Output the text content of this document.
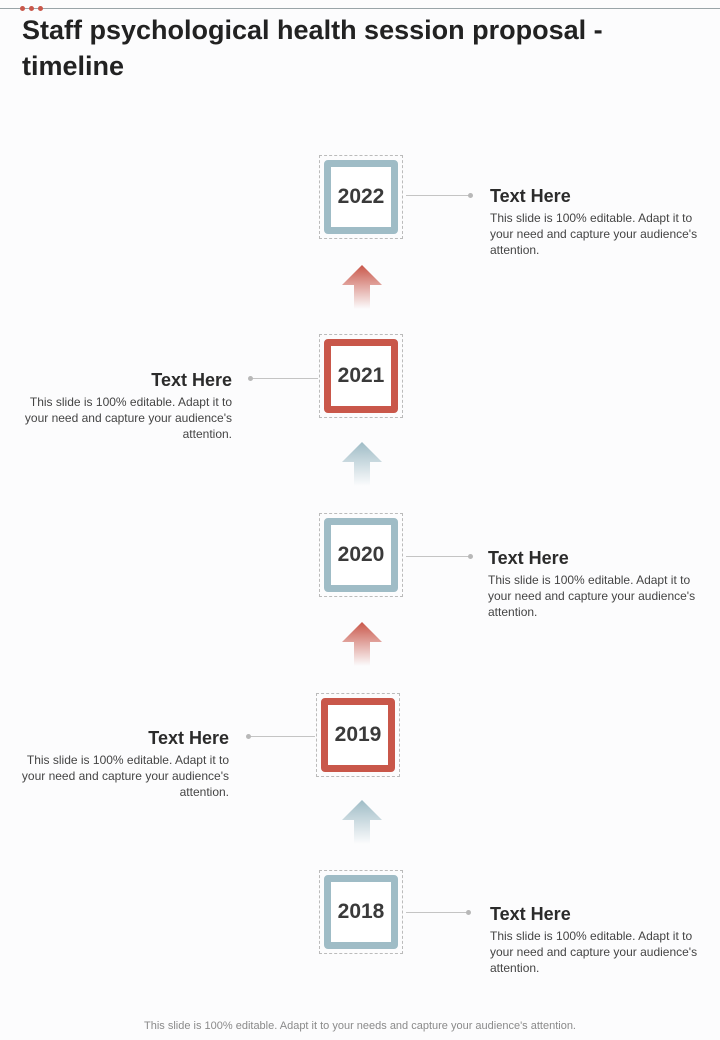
Staff psychological health session proposal - timeline
2022	Text Here
This slide is 100% editable. Adapt it to your need and capture your audience's attention.
2021
Text Here
This slide is 100% editable. Adapt it to your need and capture your audience's attention.
2020	Text Here
This slide is 100% editable. Adapt it to your need and capture your audience's attention.
2019
Text Here
This slide is 100% editable. Adapt it to your need and capture your audience's attention.
2018	Text Here
This slide is 100% editable. Adapt it to your need and capture your audience's attention.
This slide is 100% editable. Adapt it to your needs and capture your audience's attention.
